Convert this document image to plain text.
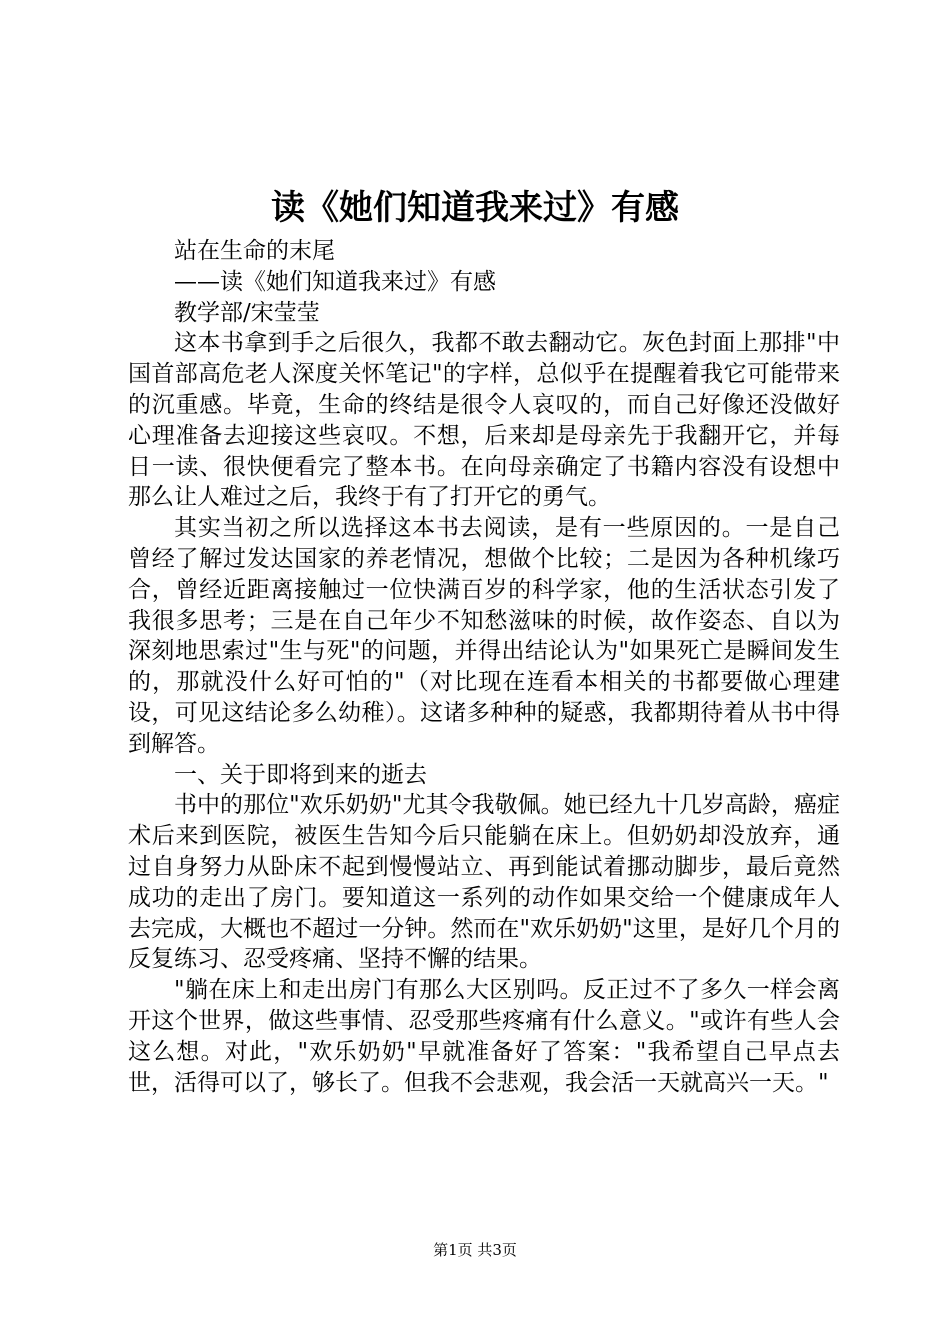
读《她们知道我来过》有感

站在生命的末尾

——读《她们知道我来过》有感

教学部/宋莹莹

这本书拿到手之后很久，我都不敢去翻动它。灰色封面上那排"中国首部高危老人深度关怀笔记"的字样，总似乎在提醒着我它可能带来的沉重感。毕竟，生命的终结是很令人哀叹的，而自己好像还没做好心理准备去迎接这些哀叹。不想，后来却是母亲先于我翻开它，并每日一读、很快便看完了整本书。在向母亲确定了书籍内容没有设想中那么让人难过之后，我终于有了打开它的勇气。

其实当初之所以选择这本书去阅读，是有一些原因的。一是自己曾经了解过发达国家的养老情况，想做个比较；二是因为各种机缘巧合，曾经近距离接触过一位快满百岁的科学家，他的生活状态引发了我很多思考；三是在自己年少不知愁滋味的时候，故作姿态、自以为深刻地思索过"生与死"的问题，并得出结论认为"如果死亡是瞬间发生的，那就没什么好可怕的"（对比现在连看本相关的书都要做心理建设，可见这结论多么幼稚）。这诸多种种的疑惑，我都期待着从书中得到解答。

一、关于即将到来的逝去

书中的那位"欢乐奶奶"尤其令我敬佩。她已经九十几岁高龄，癌症术后来到医院，被医生告知今后只能躺在床上。但奶奶却没放弃，通过自身努力从卧床不起到慢慢站立、再到能试着挪动脚步，最后竟然成功的走出了房门。要知道这一系列的动作如果交给一个健康成年人去完成，大概也不超过一分钟。然而在"欢乐奶奶"这里，是好几个月的反复练习、忍受疼痛、坚持不懈的结果。

"躺在床上和走出房门有那么大区别吗。反正过不了多久一样会离开这个世界，做这些事情、忍受那些疼痛有什么意义。"或许有些人会这么想。对此，"欢乐奶奶"早就准备好了答案："我希望自己早点去世，活得可以了，够长了。但我不会悲观，我会活一天就高兴一天。"

第1页 共3页
